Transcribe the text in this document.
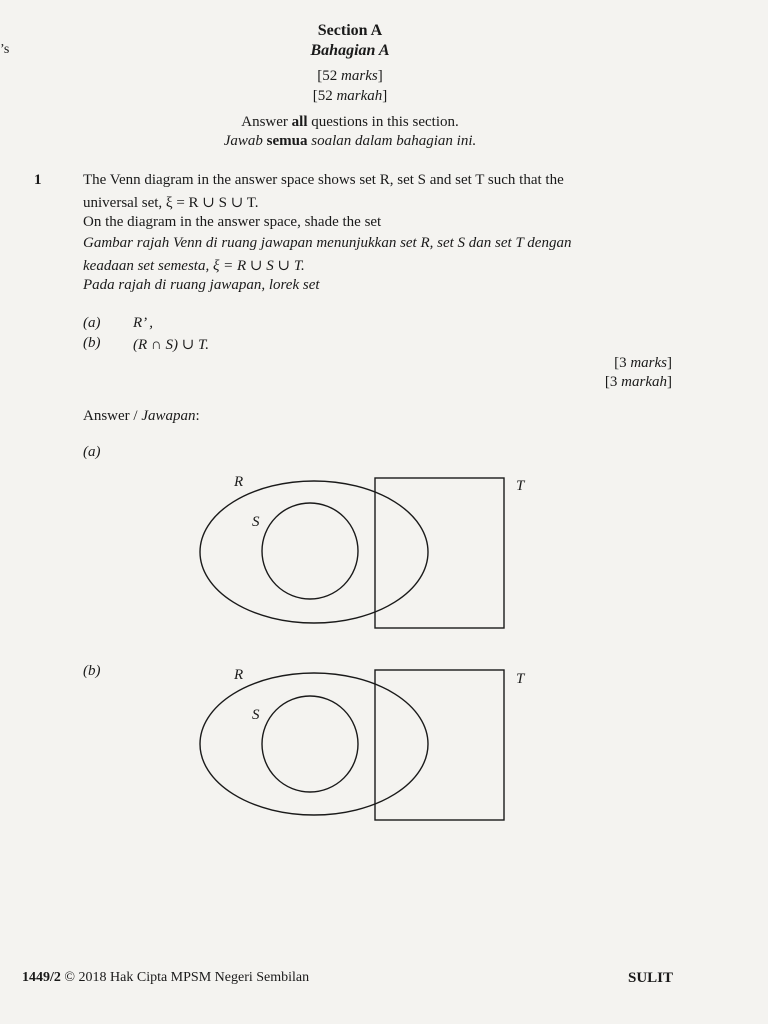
’s
Section A
Bahagian A
[52 marks]
[52 markah]
Answer all questions in this section.
Jawab semua soalan dalam bahagian ini.
1	The Venn diagram in the answer space shows set R, set S and set T such that the
universal set, ξ = R ∪ S ∪ T.
On the diagram in the answer space, shade the set
Gambar rajah Venn di ruang jawapan menunjukkan set R, set S dan set T dengan
keadaan set semesta, ξ = R ∪ S ∪ T.
Pada rajah di ruang jawapan, lorek set
(a) R’ ,
(b) (R ∩ S) ∪ T.
[3 marks]
[3 markah]
Answer / Jawapan:
(a)
R
S
T
(b)	R
S
T
1449/2 © 2018 Hak Cipta MPSM Negeri Sembilan	SULIT
